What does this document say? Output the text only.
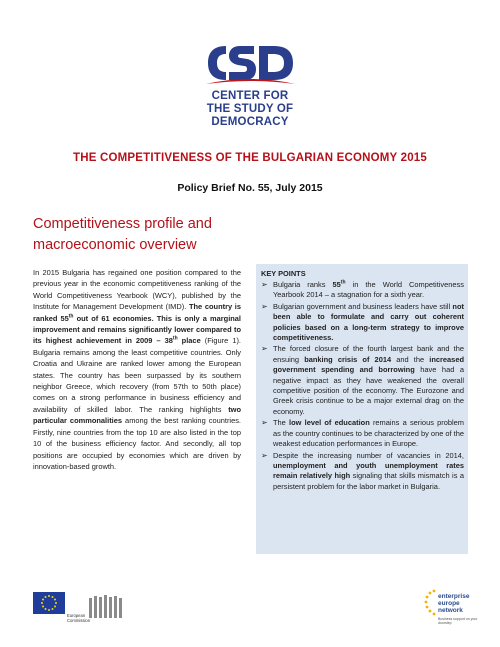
CENTER FOR
THE STUDY OF
DEMOCRACY
THE COMPETITIVENESS OF THE BULGARIAN ECONOMY 2015
Policy Brief No. 55, July 2015
Competitiveness profile and
macroeconomic overview
In 2015 Bulgaria has regained one position compared to the previous year in the economic competitiveness ranking of the World Competitiveness Yearbook (WCY), published by the Institute for Management Development (IMD). The country is ranked 55th out of 61 economies. This is only a marginal improvement and remains significantly lower compared to its highest achievement in 2009 – 38th place (Figure 1). Bulgaria remains among the least competitive countries. Only Croatia and Ukraine are ranked lower among the European states. The country has been surpassed by its southern neighbor Greece, which recovery (from 57th to 50th place) comes on a strong performance in business efficiency and availability of skilled labor. The ranking highlights two particular commonalities among the best ranking countries. Firstly, nine countries from the top 10 are also listed in the top 10 of the business efficiency factor. And secondly, all top positions are occupied by economies which are driven by innovation-based growth.
KEY POINTS
➢ Bulgaria ranks 55th in the World Competitiveness Yearbook 2014 – a stagnation for a sixth year.
➢ Bulgarian government and business leaders have still not been able to formulate and carry out coherent policies based on a long-term strategy to improve competitiveness.
➢ The forced closure of the fourth largest bank and the ensuing banking crisis of 2014 and the increased government spending and borrowing have had a negative impact as they have weakened the overall competitive position of the economy. The Eurozone and Greek crisis continue to be a major external drag on the economy.
➢ The low level of education remains a serious problem as the country continues to be characterized by one of the weakest education performances in Europe.
➢ Despite the increasing number of vacancies in 2014, unemployment and youth unemployment rates remain relatively high signaling that skills mismatch is a persistent problem for the labor market in Bulgaria.
European
Commission
enterprise
europe
network
Business support on your doorstep
